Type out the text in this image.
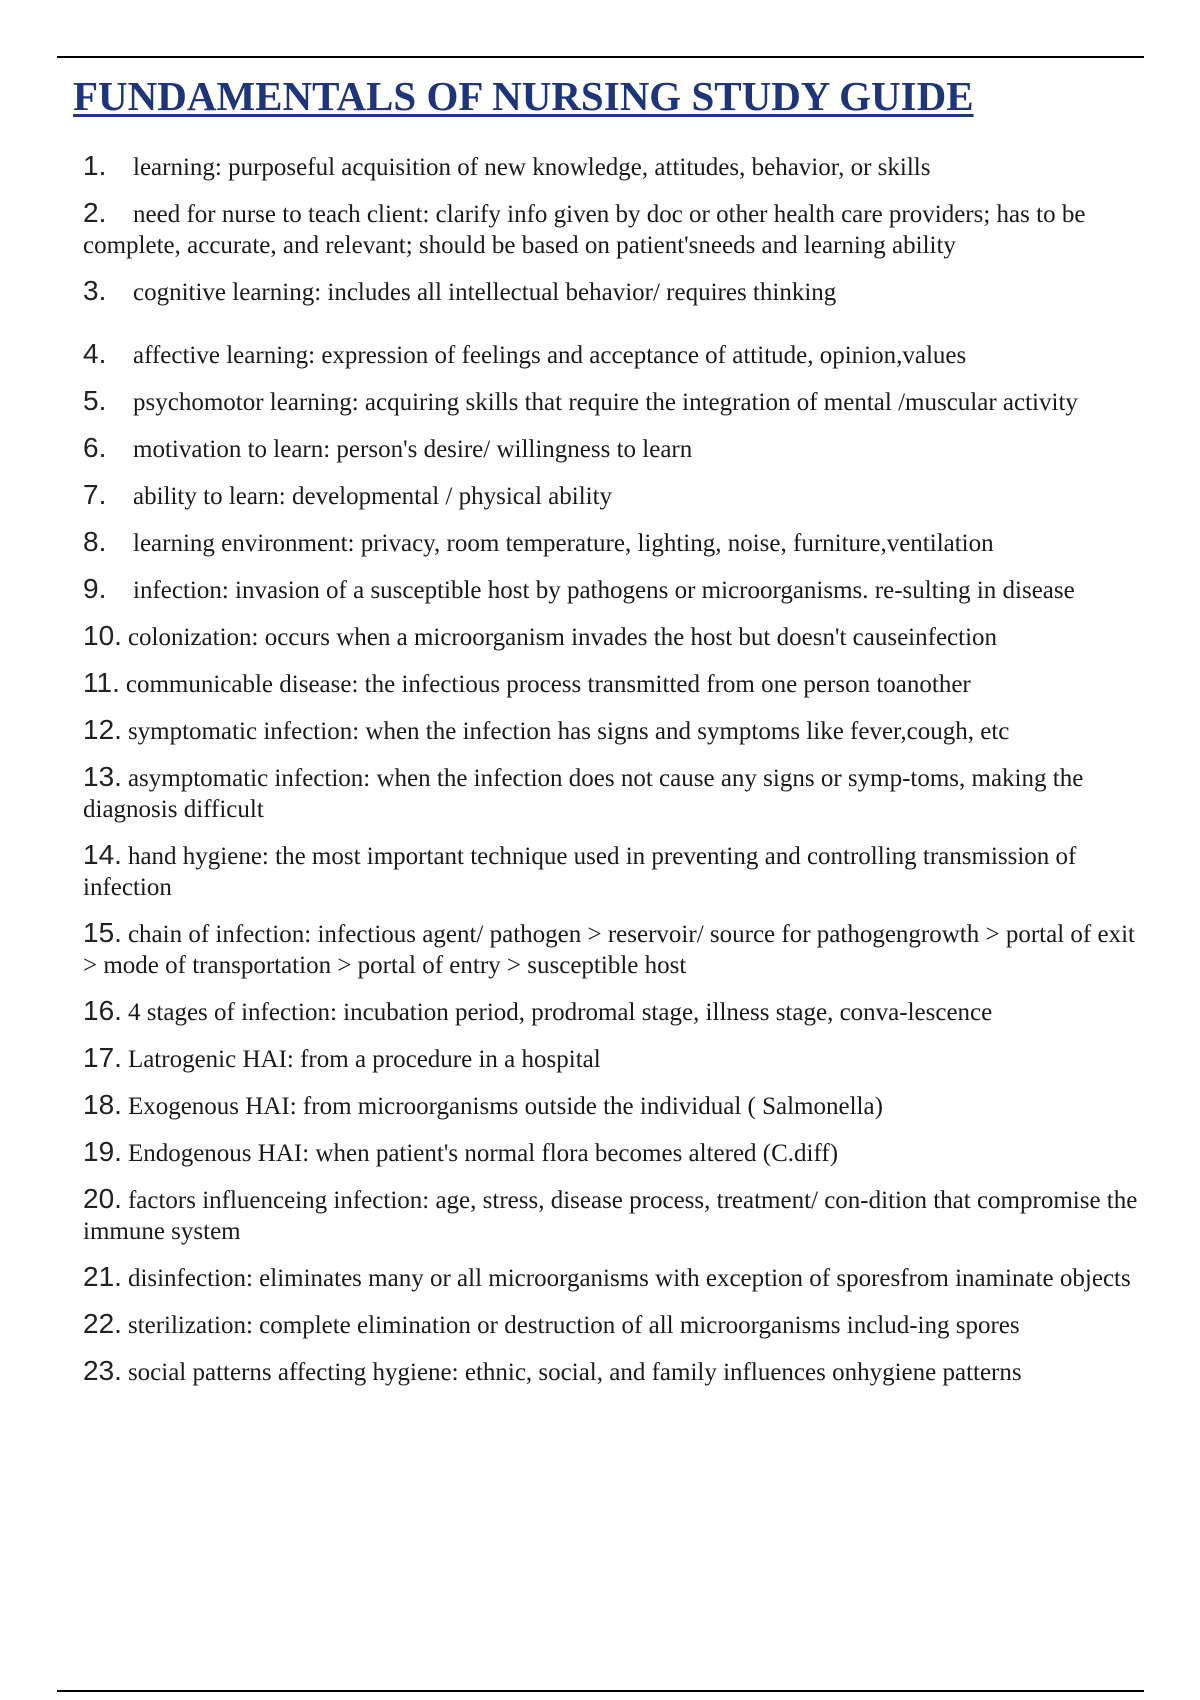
FUNDAMENTALS OF NURSING STUDY GUIDE
1. learning: purposeful acquisition of new knowledge, attitudes, behavior, or skills
2. need for nurse to teach client: clarify info given by doc or other health care providers; has to be complete, accurate, and relevant; should be based on patient'sneeds and learning ability
3. cognitive learning: includes all intellectual behavior/ requires thinking
4. affective learning: expression of feelings and acceptance of attitude, opinion,values
5. psychomotor learning: acquiring skills that require the integration of mental /muscular activity
6. motivation to learn: person's desire/ willingness to learn
7. ability to learn: developmental / physical ability
8. learning environment: privacy, room temperature, lighting, noise, furniture,ventilation
9. infection: invasion of a susceptible host by pathogens or microorganisms. re-sulting in disease
10. colonization: occurs when a microorganism invades the host but doesn't causeinfection
11. communicable disease: the infectious process transmitted from one person toanother
12. symptomatic infection: when the infection has signs and symptoms like fever,cough, etc
13. asymptomatic infection: when the infection does not cause any signs or symp-toms, making the diagnosis difficult
14. hand hygiene: the most important technique used in preventing and controlling transmission of infection
15. chain of infection: infectious agent/ pathogen > reservoir/ source for pathogengrowth > portal of exit > mode of transportation > portal of entry > susceptible host
16. 4 stages of infection: incubation period, prodromal stage, illness stage, conva-lescence
17. Latrogenic HAI: from a procedure in a hospital
18. Exogenous HAI: from microorganisms outside the individual ( Salmonella)
19. Endogenous HAI: when patient's normal flora becomes altered (C.diff)
20. factors influenceing infection: age, stress, disease process, treatment/ con-dition that compromise the immune system
21. disinfection: eliminates many or all microorganisms with exception of sporesfrom inaminate objects
22. sterilization: complete elimination or destruction of all microorganisms includ-ing spores
23. social patterns affecting hygiene: ethnic, social, and family influences onhygiene patterns
